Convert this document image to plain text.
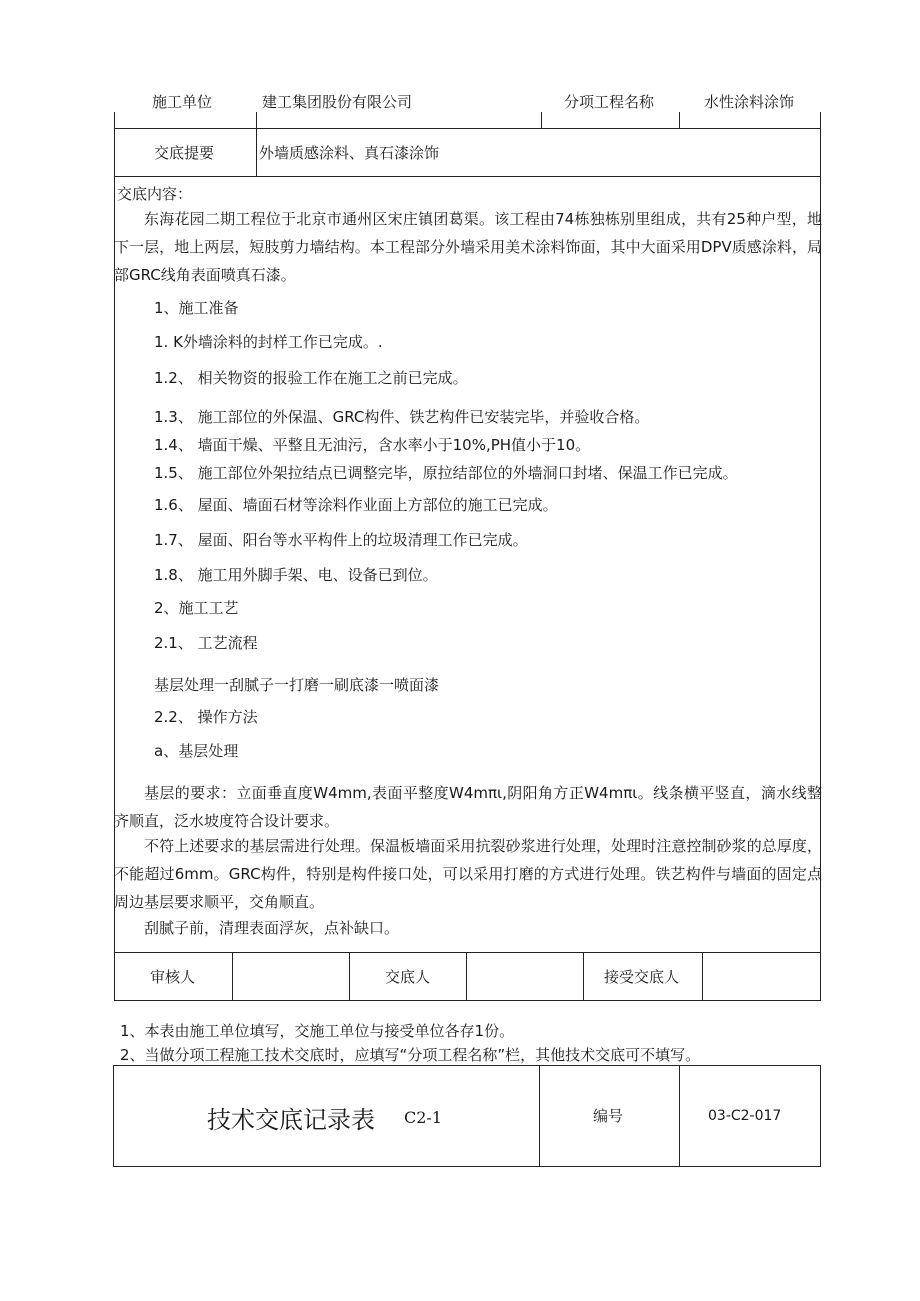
施工单位	建工集团股份有限公司	分项工程名称	水性涂料涂饰
交底提要	外墙质感涂料、真石漆涂饰
交底内容：
东海花园二期工程位于北京市通州区宋庄镇团葛渠。该工程由74栋独栋别里组成，共有25种户型，地下一层，地上两层，短肢剪力墙结构。本工程部分外墙采用美术涂料饰面，其中大面采用DPV质感涂料，局部GRC线角表面喷真石漆。
1、施工准备
1. K外墙涂料的封样工作已完成。.
1.2、 相关物资的报验工作在施工之前已完成。
1.3、 施工部位的外保温、GRC构件、铁艺构件已安装完毕，并验收合格。
1.4、 墙面干燥、平整且无油污，含水率小于10%,PH值小于10。
1.5、 施工部位外架拉结点已调整完毕，原拉结部位的外墙洞口封堵、保温工作已完成。
1.6、 屋面、墙面石材等涂料作业面上方部位的施工已完成。
1.7、 屋面、阳台等水平构件上的垃圾清理工作已完成。
1.8、 施工用外脚手架、电、设备已到位。
2、施工工艺
2.1、 工艺流程
基层处理一刮腻子一打磨一刷底漆一喷面漆
2.2、 操作方法
a、基层处理
基层的要求：立面垂直度W4mm,表面平整度W4mπι,阴阳角方正W4mπι。线条横平竖直，滴水线整齐顺直，泛水坡度符合设计要求。
不符上述要求的基层需进行处理。保温板墙面采用抗裂砂浆进行处理，处理时注意控制砂浆的总厚度，不能超过6mm。GRC构件，特别是构件接口处，可以采用打磨的方式进行处理。铁艺构件与墙面的固定点周边基层要求顺平，交角顺直。
刮腻子前，清理表面浮灰，点补缺口。
审核人	交底人	接受交底人
1、本表由施工单位填写，交施工单位与接受单位各存1份。
2、当做分项工程施工技术交底时，应填写“分项工程名称”栏，其他技术交底可不填写。
技术交底记录表 C2-1	编号	03-C2-017
